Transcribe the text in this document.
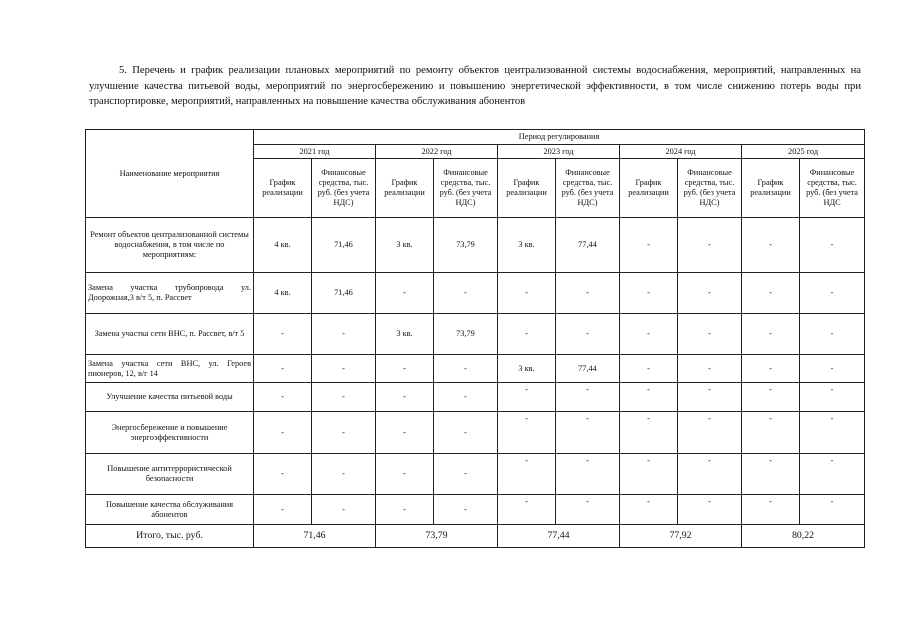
5. Перечень и график реализации плановых мероприятий по ремонту объектов централизованной системы водоснабжения, мероприятий, направленных на улучшение качества питьевой воды, мероприятий по энергосбережению и повышению энергетической эффективности, в том числе снижению потерь воды при транспортировке, мероприятий, направленных на повышение качества обслуживания абонентов

Наименование мероприятия	Период регулирования									
	2021 год		2022 год		2023 год		2024 год		2025 год	
	График реализации	Финансовые средства, тыс. руб. (без учета НДС)	График реализации	Финансовые средства, тыс. руб. (без учета НДС)	График реализации	Финансовые средства, тыс. руб. (без учета НДС)	График реализации	Финансовые средства, тыс. руб. (без учета НДС)	График реализации	Финансовые средства, тыс. руб. (без учета НДС
Ремонт объектов централизованной системы водоснабжения, в том числе по мероприятиям:	4 кв.	71,46	3 кв.	73,79	3 кв.	77,44	-	-	-	-
Замена участка трубопровода ул. Доорожная,3 в/т 5, п. Рассвет	4 кв.	71,46	-	-	-	-	-	-	-	-
Замена участка сети ВНС, п. Рассвет, в/т 5	-	-	3 кв.	73,79	-	-	-	-	-	-
Замена участка сети ВНС, ул. Героев пионеров, 12, в/г 14	-	-	-	-	3 кв.	77,44	-	-	-	-
Улучшение качества питьевой воды	-	-	-	-	-	-	-	-	-	-
Энергосбережение и повышение энергоэффективности	-	-	-	-	-	-	-	-	-	-
Повышение антитеррористической безопасности	-	-	-	-	-	-	-	-	-	-
Повышение качества обслуживания абонентов	-	-	-	-	-	-	-	-	-	-
Итого, тыс. руб.	71,46		73,79		77,44		77,92		80,22	
